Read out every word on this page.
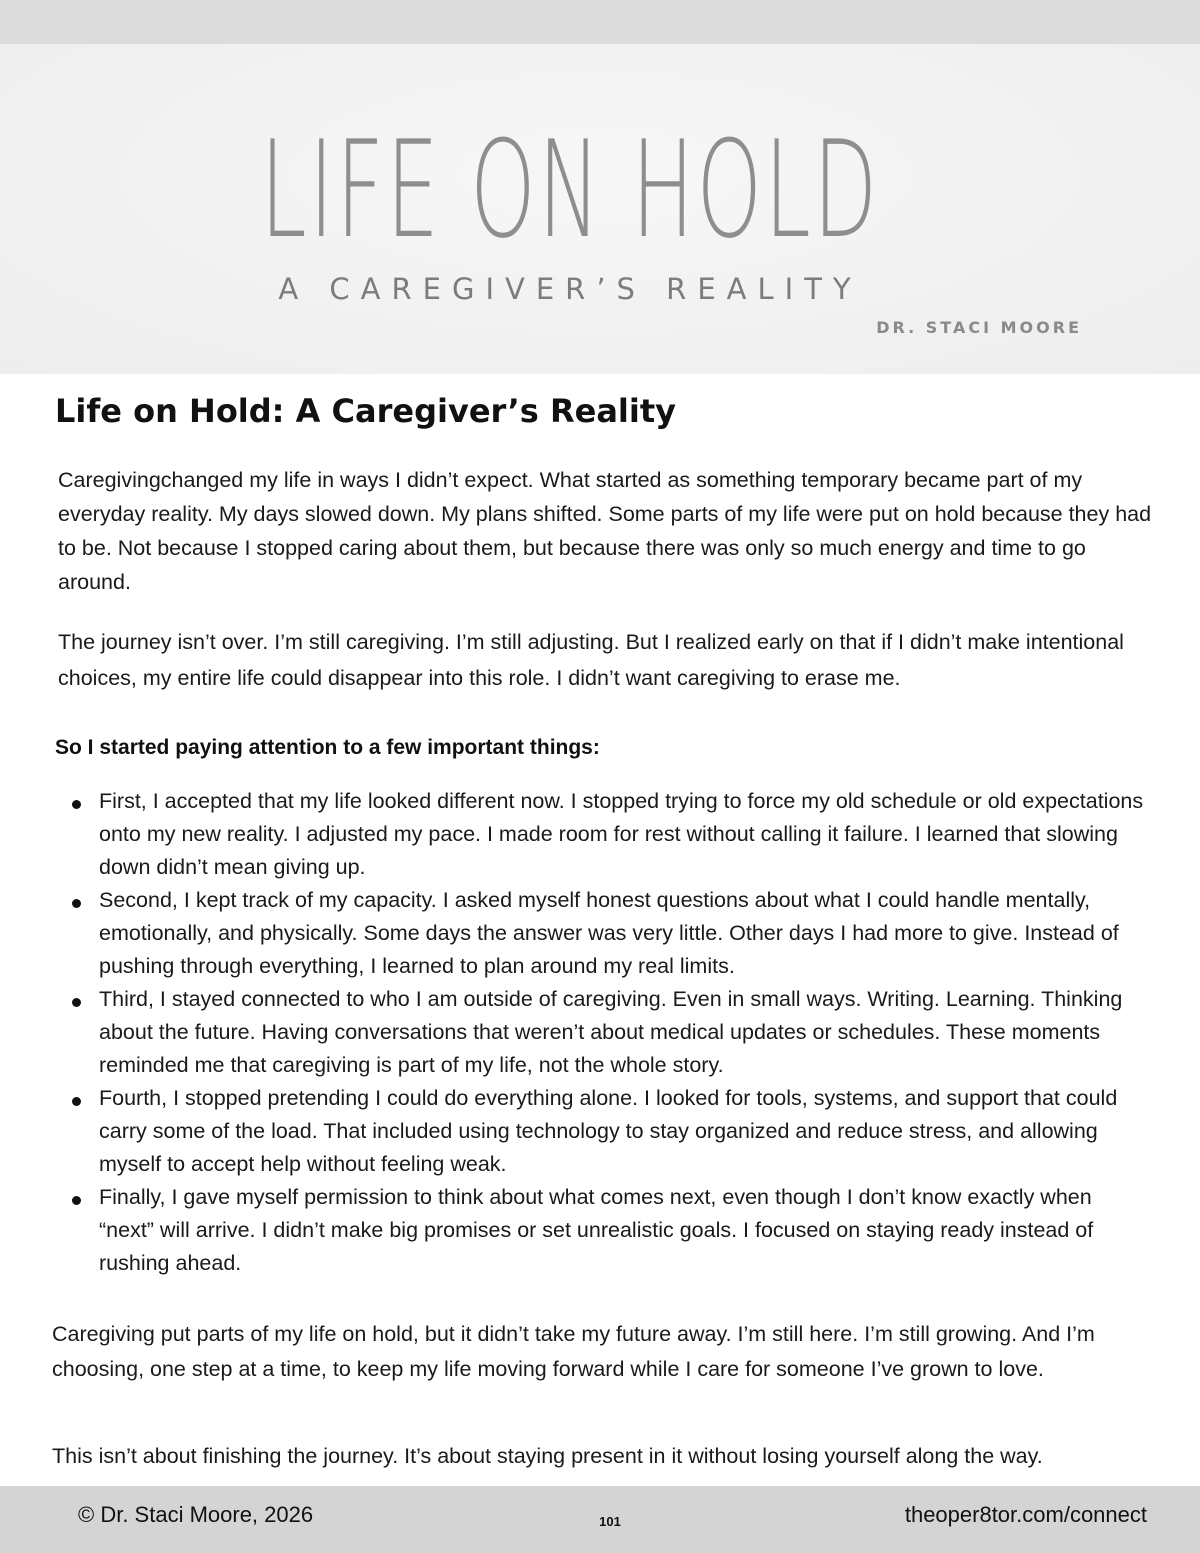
LIFE ON HOLD
A CAREGIVER’S REALITY
DR. STACI MOORE
Life on Hold: A Caregiver’s Reality

Caregivingchanged my life in ways I didn’t expect. What started as something temporary became part of my everyday reality. My days slowed down. My plans shifted. Some parts of my life were put on hold because they had to be. Not because I stopped caring about them, but because there was only so much energy and time to go around.

The journey isn’t over. I’m still caregiving. I’m still adjusting. But I realized early on that if I didn’t make intentional choices, my entire life could disappear into this role. I didn’t want caregiving to erase me.

So I started paying attention to a few important things:
First, I accepted that my life looked different now. I stopped trying to force my old schedule or old expectations onto my new reality. I adjusted my pace. I made room for rest without calling it failure. I learned that slowing down didn’t mean giving up.
Second, I kept track of my capacity. I asked myself honest questions about what I could handle mentally, emotionally, and physically. Some days the answer was very little. Other days I had more to give. Instead of pushing through everything, I learned to plan around my real limits.
Third, I stayed connected to who I am outside of caregiving. Even in small ways. Writing. Learning. Thinking about the future. Having conversations that weren’t about medical updates or schedules. These moments reminded me that caregiving is part of my life, not the whole story.
Fourth, I stopped pretending I could do everything alone. I looked for tools, systems, and support that could carry some of the load. That included using technology to stay organized and reduce stress, and allowing myself to accept help without feeling weak.
Finally, I gave myself permission to think about what comes next, even though I don’t know exactly when “next” will arrive. I didn’t make big promises or set unrealistic goals. I focused on staying ready instead of rushing ahead.

Caregiving put parts of my life on hold, but it didn’t take my future away. I’m still here. I’m still growing. And I’m choosing, one step at a time, to keep my life moving forward while I care for someone I’ve grown to love.

This isn’t about finishing the journey. It’s about staying present in it without losing yourself along the way.

© Dr. Staci Moore, 2026	101	theoper8tor.com/connect
